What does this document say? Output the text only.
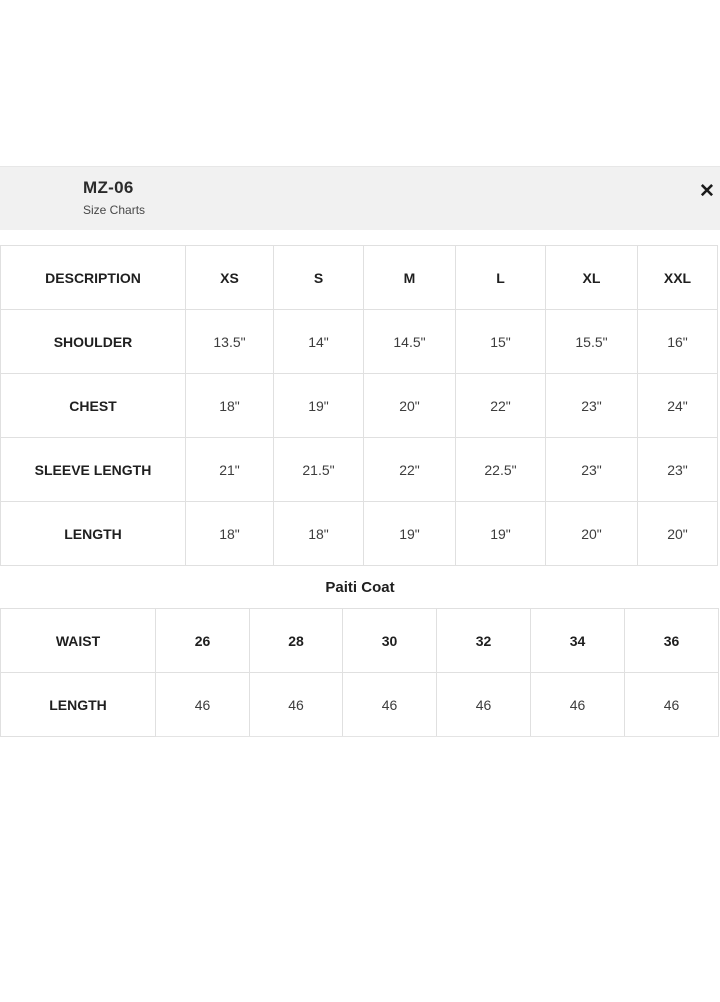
MZ-06
Size Charts
✕
DESCRIPTION	XS	S	M	L	XL	XXL
SHOULDER	13.5"	14"	14.5"	15"	15.5"	16"
CHEST	18"	19"	20"	22"	23"	24"
SLEEVE LENGTH	21"	21.5"	22"	22.5"	23"	23"
LENGTH	18"	18"	19"	19"	20"	20"
Paiti Coat
WAIST	26	28	30	32	34	36
LENGTH	46	46	46	46	46	46
